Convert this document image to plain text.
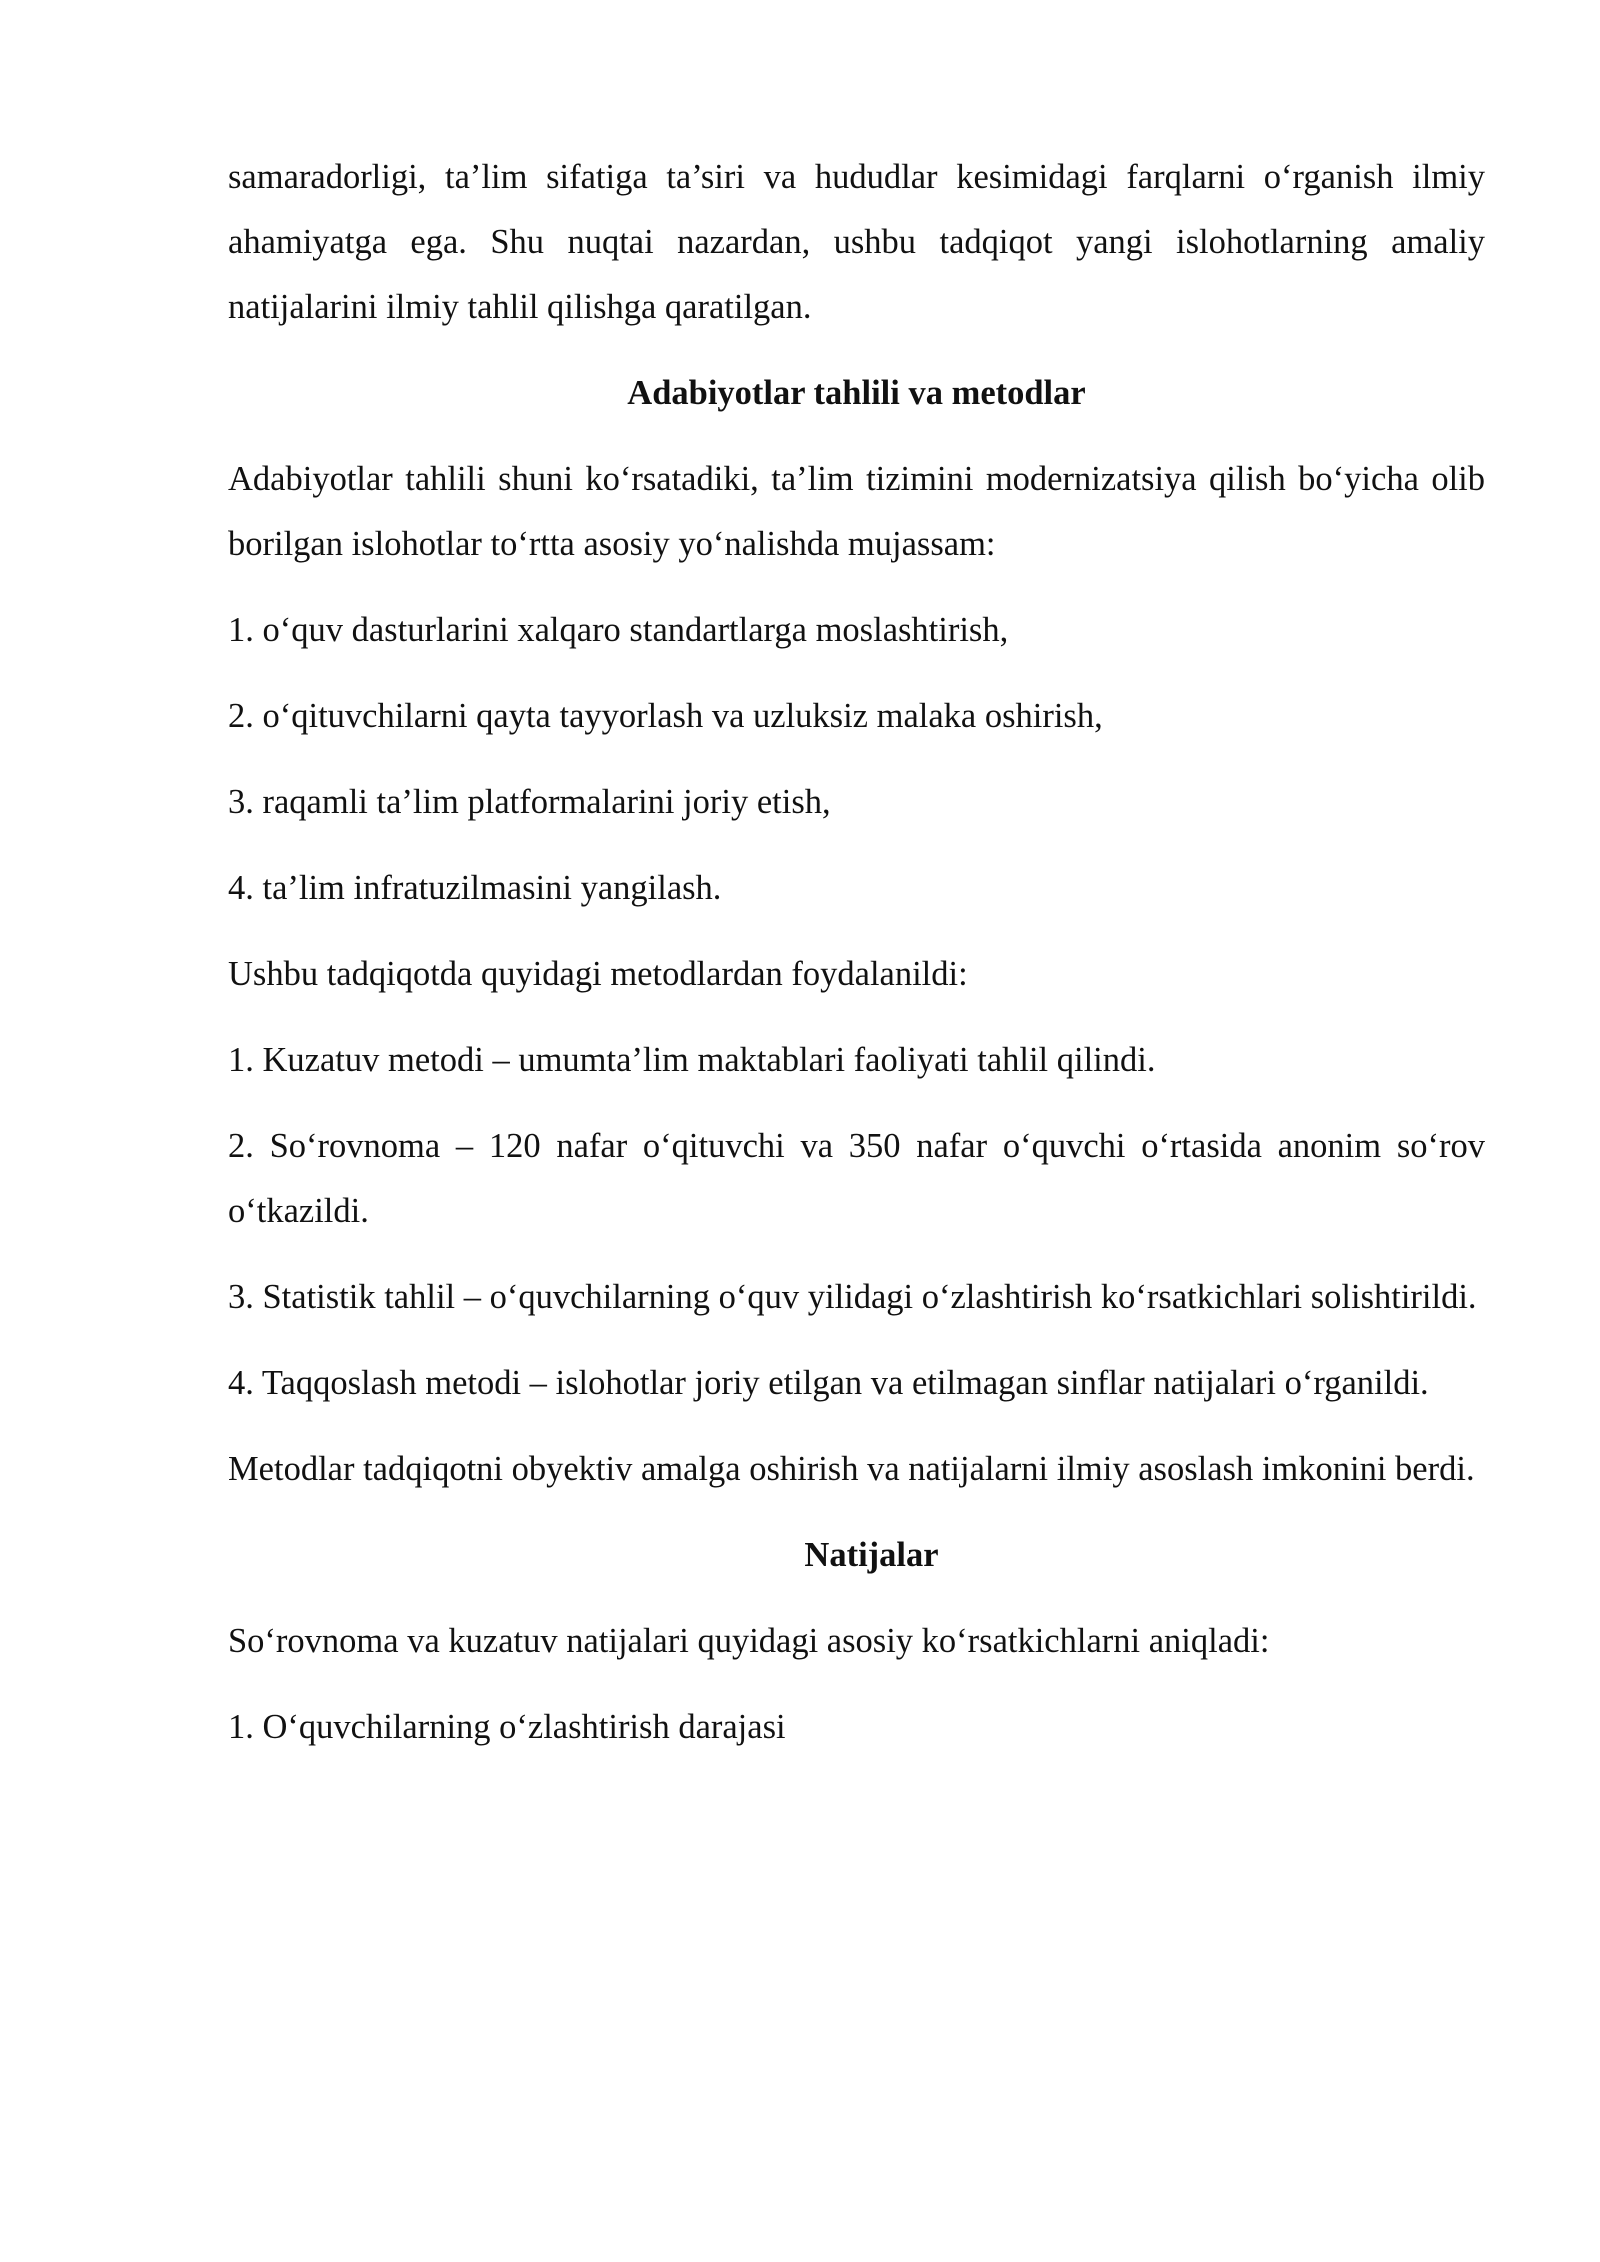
samaradorligi, ta’lim sifatiga ta’siri va hududlar kesimidagi farqlarni o‘rganish ilmiy ahamiyatga ega. Shu nuqtai nazardan, ushbu tadqiqot yangi islohotlarning amaliy natijalarini ilmiy tahlil qilishga qaratilgan.

Adabiyotlar tahlili va metodlar

Adabiyotlar tahlili shuni ko‘rsatadiki, ta’lim tizimini modernizatsiya qilish bo‘yicha olib borilgan islohotlar to‘rtta asosiy yo‘nalishda mujassam:

1. o‘quv dasturlarini xalqaro standartlarga moslashtirish,

2. o‘qituvchilarni qayta tayyorlash va uzluksiz malaka oshirish,

3. raqamli ta’lim platformalarini joriy etish,

4. ta’lim infratuzilmasini yangilash.

Ushbu tadqiqotda quyidagi metodlardan foydalanildi:

1. Kuzatuv metodi – umumta’lim maktablari faoliyati tahlil qilindi.

2. So‘rovnoma – 120 nafar o‘qituvchi va 350 nafar o‘quvchi o‘rtasida anonim so‘rov o‘tkazildi.

3. Statistik tahlil – o‘quvchilarning o‘quv yilidagi o‘zlashtirish ko‘rsatkichlari solishtirildi.

4. Taqqoslash metodi – islohotlar joriy etilgan va etilmagan sinflar natijalari o‘rganildi.

Metodlar tadqiqotni obyektiv amalga oshirish va natijalarni ilmiy asoslash imkonini berdi.

Natijalar

So‘rovnoma va kuzatuv natijalari quyidagi asosiy ko‘rsatkichlarni aniqladi:

1. O‘quvchilarning o‘zlashtirish darajasi
